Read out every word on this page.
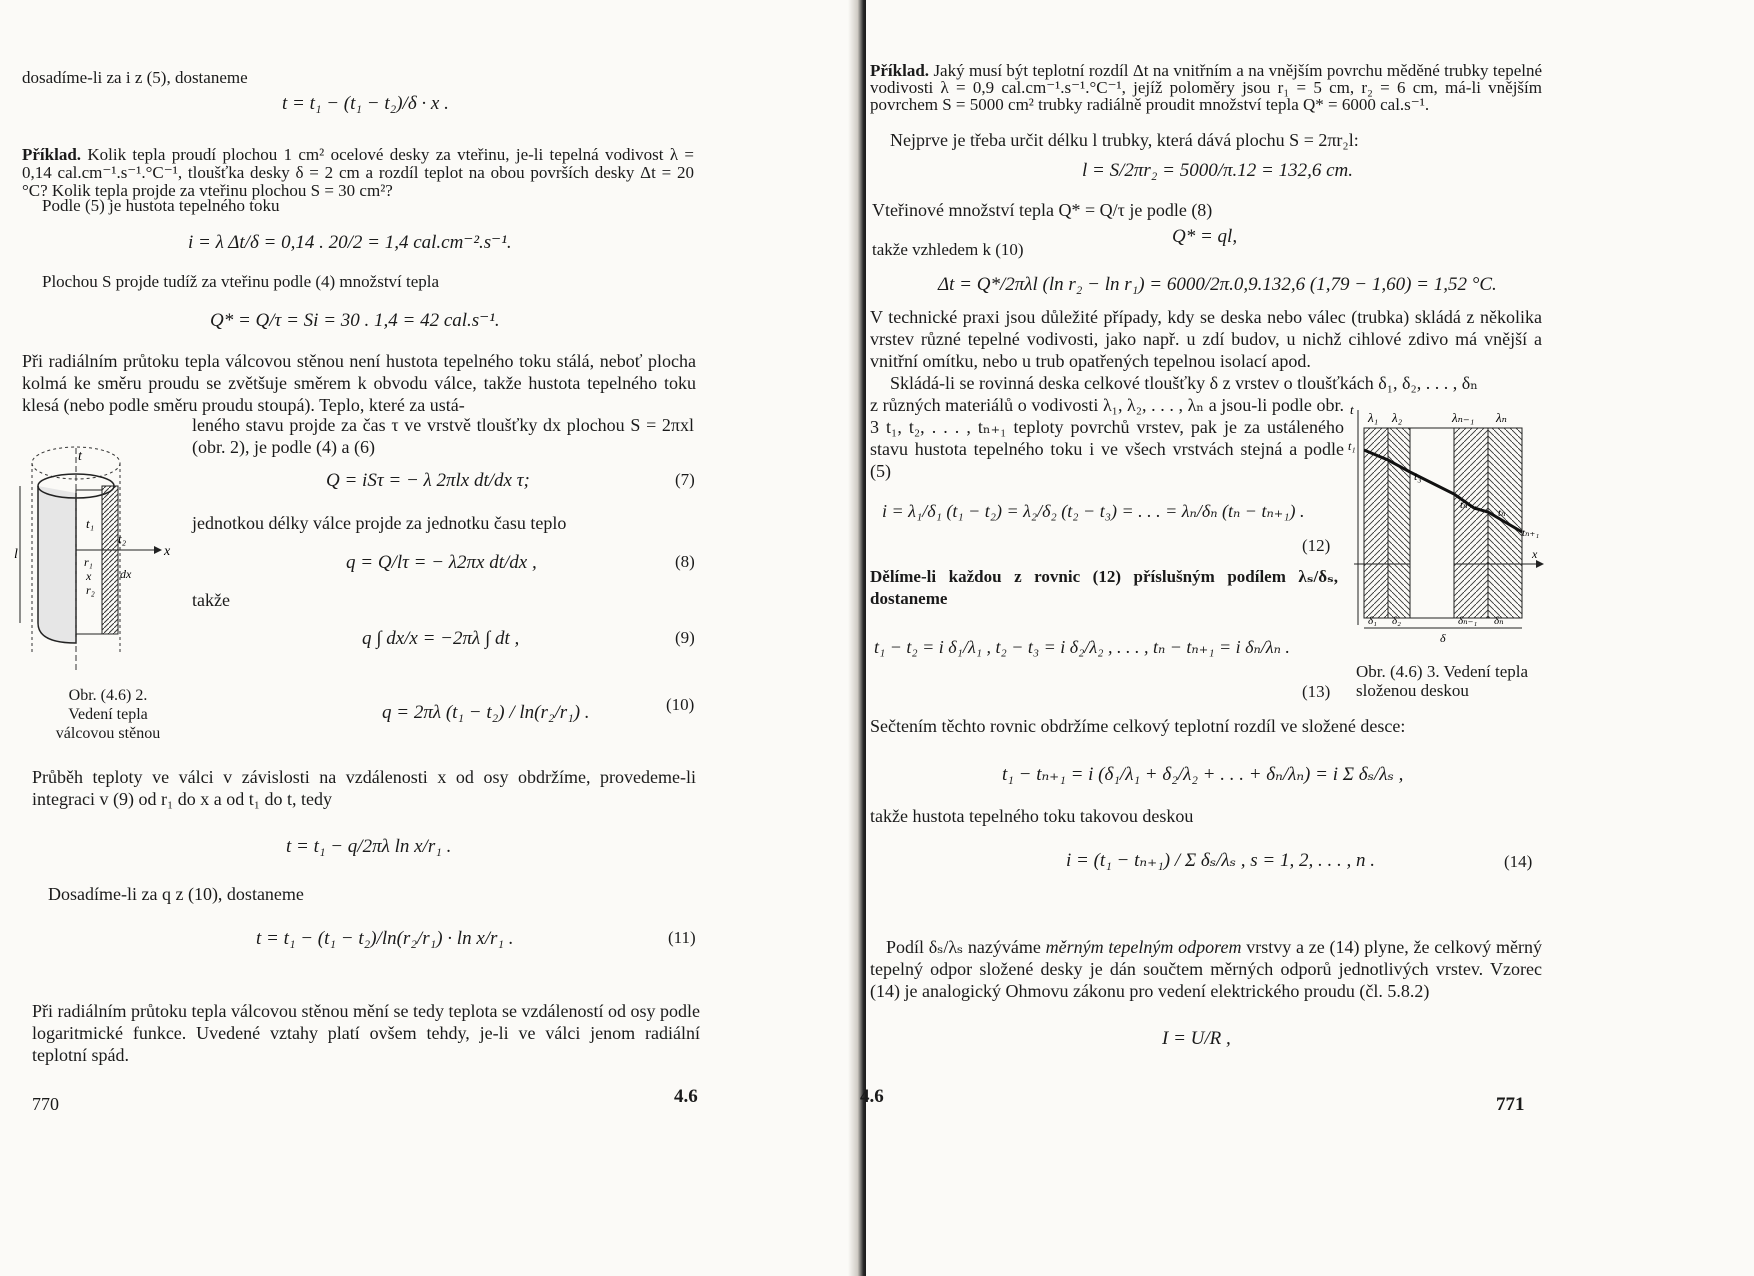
dosadíme-li za i z (5), dostaneme
t = t₁ − (t₁ − t₂)/δ · x .
Příklad. Kolik tepla proudí plochou 1 cm² ocelové desky za vteřinu, je-li tepelná vodivost λ = 0,14 cal.cm⁻¹.s⁻¹.°C⁻¹, tloušťka desky δ = 2 cm a rozdíl teplot na obou površích desky Δt = 20 °C? Kolik tepla projde za vteřinu plochou S = 30 cm²?
Podle (5) je hustota tepelného toku
i = λ Δt/δ = 0,14 . 20/2 = 1,4 cal.cm⁻².s⁻¹.
Plochou S projde tudíž za vteřinu podle (4) množství tepla
Q* = Q/τ = Si = 30 . 1,4 = 42 cal.s⁻¹.
Při radiálním průtoku tepla válcovou stěnou není hustota tepelného toku stálá, neboť plocha kolmá ke směru proudu se zvětšuje směrem k obvodu válce, takže hustota tepelného toku klesá (nebo podle směru proudu stoupá). Teplo, které za ustá-
leného stavu projde za čas τ ve vrstvě tloušťky dx plochou S = 2πxl (obr. 2), je podle (4) a (6)
l
t
t₁
t₂
r₁
r₂
x dx
x
Q = iSτ = − λ 2πlx dt/dx τ;	(7)
jednotkou délky válce projde za jednotku času teplo
q = Q/lτ = − λ2πx dt/dx ,	(8)
takže
q ∫ dx/x = −2πλ ∫ dt ,	(9)
q = 2πλ (t₁ − t₂) / ln(r₂/r₁) .	(10)
Obr. (4.6) 2.
Vedení tepla
válcovou stěnou
Průběh teploty ve válci v závislosti na vzdálenosti x od osy obdržíme, provedeme-li integraci v (9) od r₁ do x a od t₁ do t, tedy
t = t₁ − q/2πλ ln x/r₁ .
Dosadíme-li za q z (10), dostaneme
t = t₁ − (t₁ − t₂)/ln(r₂/r₁) · ln x/r₁ .	(11)
Při radiálním průtoku tepla válcovou stěnou mění se tedy teplota se vzdáleností od osy podle logaritmické funkce. Uvedené vztahy platí ovšem tehdy, je-li ve válci jenom radiální teplotní spád.
770	4.6
Příklad. Jaký musí být teplotní rozdíl Δt na vnitřním a na vnějším povrchu měděné trubky tepelné vodivosti λ = 0,9 cal.cm⁻¹.s⁻¹.°C⁻¹, jejíž poloměry jsou r₁ = 5 cm, r₂ = 6 cm, má-li vnějším povrchem S = 5000 cm² trubky radiálně proudit množství tepla Q* = 6000 cal.s⁻¹.
Nejprve je třeba určit délku l trubky, která dává plochu S = 2πr₂l:
l = S/2πr₂ = 5000/π.12 = 132,6 cm.
Vteřinové množství tepla Q* = Q/τ je podle (8)
Q* = ql,
takže vzhledem k (10)
Δt = Q*/2πλl (ln r₂ − ln r₁) = 6000/2π.0,9.132,6 (1,79 − 1,60) = 1,52 °C.
V technické praxi jsou důležité případy, kdy se deska nebo válec (trubka) skládá z několika vrstev různé tepelné vodivosti, jako např. u zdí budov, u nichž cihlové zdivo má vnější a vnitřní omítku, nebo u trub opatřených tepelnou isolací apod.
Skládá-li se rovinná deska celkové tloušťky δ z vrstev o tloušťkách δ₁, δ₂, . . . , δₙ
z různých materiálů o vodivosti λ₁, λ₂, . . . , λₙ a jsou-li podle obr. 3 t₁, t₂, . . . , tₙ₊₁ teploty povrchů vrstev, pak je za ustáleného stavu hustota tepelného toku i ve všech vrstvách stejná a podle (5)
t
λ₁ λ₂	λₙ₋₁ λₙ
t₁
t₃
tₙ₋₁
tₙ
tₙ₊₁
x
δ₁ δ₂	δₙ₋₁ δₙ
δ
i = λ₁/δ₁ (t₁ − t₂) = λ₂/δ₂ (t₂ − t₃) = . . . = λₙ/δₙ (tₙ − tₙ₊₁) .
(12)
Dělíme-li každou z rovnic (12) příslušným podílem λₛ/δₛ, dostaneme
t₁ − t₂ = i δ₁/λ₁ , t₂ − t₃ = i δ₂/λ₂ , . . . , tₙ − tₙ₊₁ = i δₙ/λₙ .
(13)
Obr. (4.6) 3. Vedení tepla složenou deskou
Sečtením těchto rovnic obdržíme celkový teplotní rozdíl ve složené desce:
t₁ − tₙ₊₁ = i (δ₁/λ₁ + δ₂/λ₂ + . . . + δₙ/λₙ) = i Σ δₛ/λₛ ,
takže hustota tepelného toku takovou deskou
i = (t₁ − tₙ₊₁) / Σ δₛ/λₛ , s = 1, 2, . . . , n .	(14)
Podíl δₛ/λₛ nazýváme měrným tepelným odporem vrstvy a ze (14) plyne, že celkový měrný tepelný odpor složené desky je dán součtem měrných odporů jednotlivých vrstev. Vzorec (14) je analogický Ohmovu zákonu pro vedení elektrického proudu (čl. 5.8.2)
I = U/R ,
4.6	771
